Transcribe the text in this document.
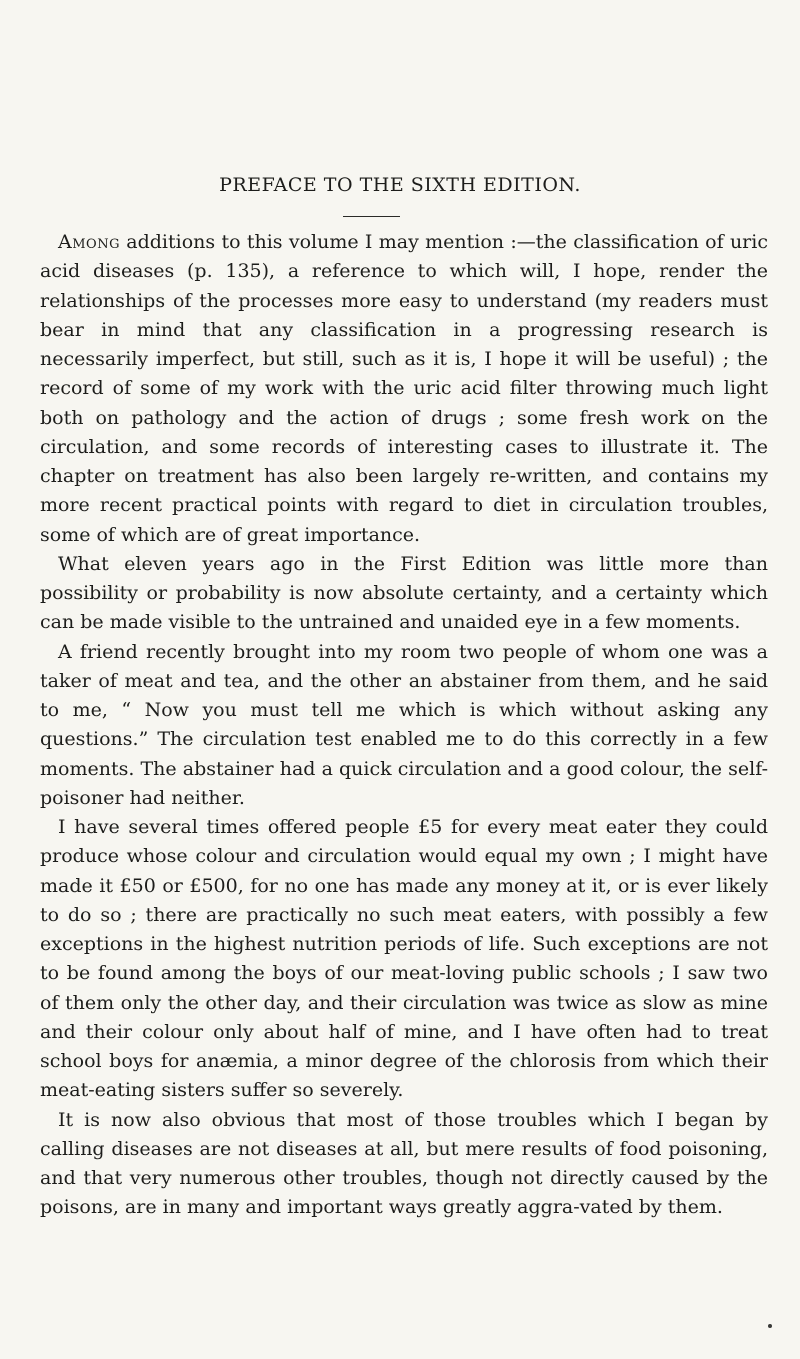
PREFACE TO THE SIXTH EDITION.

Among additions to this volume I may mention :—the classification of uric acid diseases (p. 135), a reference to which will, I hope, render the relationships of the processes more easy to understand (my readers must bear in mind that any classification in a progressing research is necessarily imperfect, but still, such as it is, I hope it will be useful) ; the record of some of my work with the uric acid filter throwing much light both on pathology and the action of drugs ; some fresh work on the circulation, and some records of interesting cases to illustrate it. The chapter on treatment has also been largely re-written, and contains my more recent practical points with regard to diet in circulation troubles, some of which are of great importance.

What eleven years ago in the First Edition was little more than possibility or probability is now absolute certainty, and a certainty which can be made visible to the untrained and unaided eye in a few moments.

A friend recently brought into my room two people of whom one was a taker of meat and tea, and the other an abstainer from them, and he said to me, “ Now you must tell me which is which without asking any questions.” The circulation test enabled me to do this correctly in a few moments. The abstainer had a quick circulation and a good colour, the self-poisoner had neither.

I have several times offered people £5 for every meat eater they could produce whose colour and circulation would equal my own ; I might have made it £50 or £500, for no one has made any money at it, or is ever likely to do so ; there are practically no such meat eaters, with possibly a few exceptions in the highest nutrition periods of life. Such exceptions are not to be found among the boys of our meat-loving public schools ; I saw two of them only the other day, and their circulation was twice as slow as mine and their colour only about half of mine, and I have often had to treat school boys for anæmia, a minor degree of the chlorosis from which their meat-eating sisters suffer so severely.

It is now also obvious that most of those troubles which I began by calling diseases are not diseases at all, but mere results of food poisoning, and that very numerous other troubles, though not directly caused by the poisons, are in many and important ways greatly aggra-vated by them.
